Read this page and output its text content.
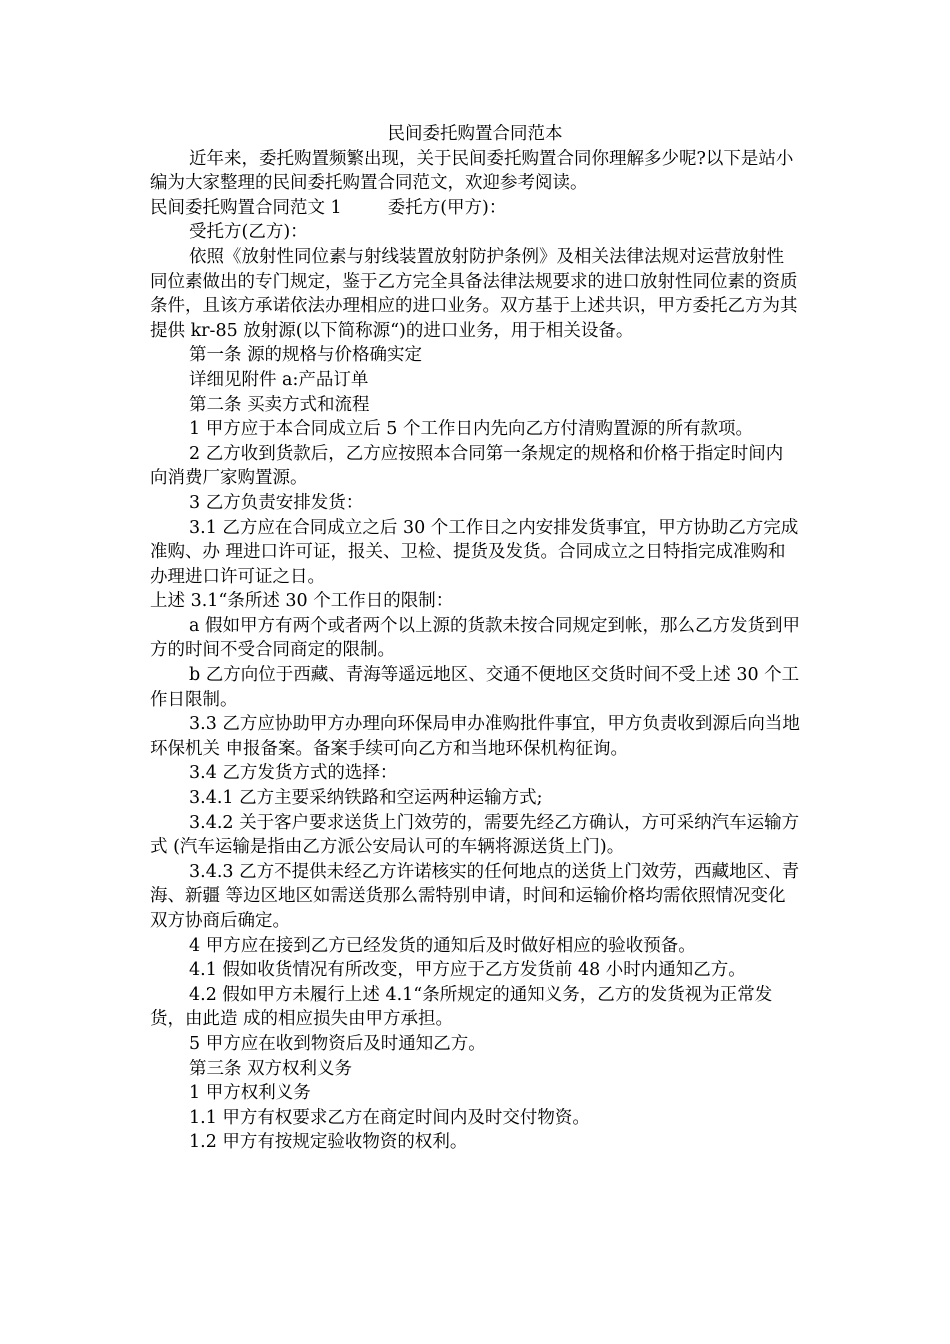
民间委托购置合同范本

近年来，委托购置频繁出现，关于民间委托购置合同你理解多少呢?以下是站小编为大家整理的民间委托购置合同范文，欢迎参考阅读。

民间委托购置合同范文 1	委托方(甲方)：

受托方(乙方)：

依照《放射性同位素与射线装置放射防护条例》及相关法律法规对运营放射性同位素做出的专门规定，鉴于乙方完全具备法律法规要求的进口放射性同位素的资质条件，且该方承诺依法办理相应的进口业务。双方基于上述共识，甲方委托乙方为其提供 kr-85 放射源(以下简称源“)的进口业务，用于相关设备。

第一条 源的规格与价格确实定

详细见附件 a:产品订单

第二条 买卖方式和流程

1 甲方应于本合同成立后 5 个工作日内先向乙方付清购置源的所有款项。

2 乙方收到货款后，乙方应按照本合同第一条规定的规格和价格于指定时间内向消费厂家购置源。

3 乙方负责安排发货：

3.1 乙方应在合同成立之后 30 个工作日之内安排发货事宜，甲方协助乙方完成准购、办 理进口许可证，报关、卫检、提货及发货。合同成立之日特指完成准购和办理进口许可证之日。

上述 3.1“条所述 30 个工作日的限制：

a 假如甲方有两个或者两个以上源的货款未按合同规定到帐，那么乙方发货到甲方的时间不受合同商定的限制。

b 乙方向位于西藏、青海等遥远地区、交通不便地区交货时间不受上述 30 个工作日限制。

3.3 乙方应协助甲方办理向环保局申办准购批件事宜，甲方负责收到源后向当地环保机关 申报备案。备案手续可向乙方和当地环保机构征询。

3.4 乙方发货方式的选择：

3.4.1 乙方主要采纳铁路和空运两种运输方式;

3.4.2 关于客户要求送货上门效劳的，需要先经乙方确认，方可采纳汽车运输方式 (汽车运输是指由乙方派公安局认可的车辆将源送货上门)。

3.4.3 乙方不提供未经乙方许诺核实的任何地点的送货上门效劳，西藏地区、青海、新疆 等边区地区如需送货那么需特别申请，时间和运输价格均需依照情况变化双方协商后确定。

4 甲方应在接到乙方已经发货的通知后及时做好相应的验收预备。

4.1 假如收货情况有所改变，甲方应于乙方发货前 48 小时内通知乙方。

4.2 假如甲方未履行上述 4.1“条所规定的通知义务，乙方的发货视为正常发货，由此造 成的相应损失由甲方承担。

5 甲方应在收到物资后及时通知乙方。

第三条 双方权利义务

1 甲方权利义务

1.1 甲方有权要求乙方在商定时间内及时交付物资。

1.2 甲方有按规定验收物资的权利。
